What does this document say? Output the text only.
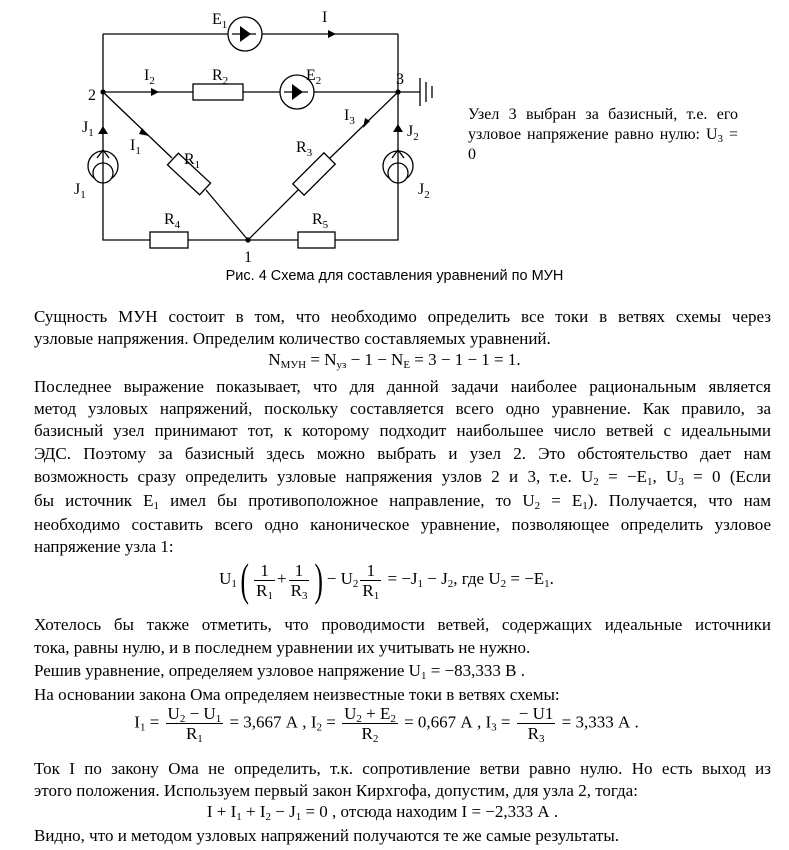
$E_1$	I
$I_2$	$R_2$	$E_2$
2
3
1
$J_1$
$J_1$
$I_1$	$R_1$
$I_3$
$R_3$
$J_2$
$J_2$
$R_4$	$R_5$
Узел 3 выбран за базисный, т.е. его узловое напряжение равно нулю: $U_3 = 0$
Рис. 4 Схема для составления уравнений по МУН

Сущность МУН состоит в том, что необходимо определить все токи в ветвях схемы через

узловые напряжения. Определим количество составляемых уравнений.

$N_{МУН} = N_{уз} - 1 - N_E = 3 - 1 - 1 = 1$.

Последнее выражение показывает, что для данной задачи наиболее рациональным является

метод узловых напряжений, поскольку составляется всего одно уравнение. Как правило, за

базисный узел принимают тот, к которому подходит наибольшее число ветвей с идеальными

ЭДС. Поэтому за базисный здесь можно выбрать и узел 2. Это обстоятельство дает нам

возможность сразу определить узловые напряжения узлов 2 и 3, т.е. $U_2 = -E_1$, $U_3 = 0$ (Если

бы источник $E_1$ имел бы противоположное направление, то $U_2 = E_1$). Получается, что нам

необходимо составить всего одно каноническое уравнение, позволяющее определить узловое

напряжение узла 1:

$U_1( \frac{1}{R_1} + \frac{1}{R_3}$ ) − $U_2 \frac{1}{R_1} = -J_1 - J_2$, где $U_2 = -E_1$.

Хотелось бы также отметить, что проводимости ветвей, содержащих идеальные источники

тока, равны нулю, и в последнем уравнении их учитывать не нужно.

Решив уравнение, определяем узловое напряжение $U_1 = -83,333$ В .

На основании закона Ома определяем неизвестные токи в ветвях схемы:

$I_1 = \frac{U_2 - U_1}{R_1} = 3,667$ А , $I_2 = \frac{U_2 + E_2}{R_2} = 0,667$ А , $I_3 = \frac{- U1}{R_3} = 3,333$ А .

Ток I по закону Ома не определить, т.к. сопротивление ветви равно нулю. Но есть выход из

этого положения. Используем первый закон Кирхгофа, допустим, для узла 2, тогда:

$I + I_1 + I_2 - J_1 = 0$ , отсюда находим I = −2,333 А .

Видно, что и методом узловых напряжений получаются те же самые результаты.
